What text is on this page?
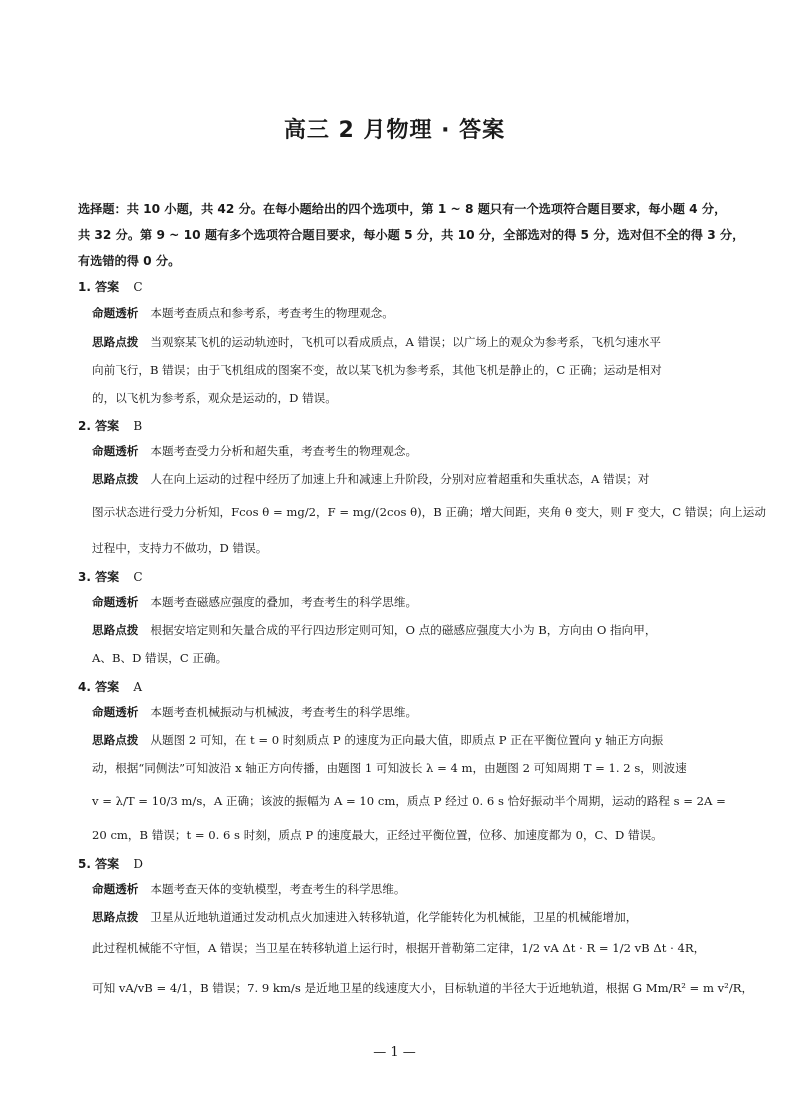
高三 2 月物理 · 答案

选择题：共 10 小题，共 42 分。在每小题给出的四个选项中，第 1 ~ 8 题只有一个选项符合题目要求，每小题 4 分，

共 32 分。第 9 ~ 10 题有多个选项符合题目要求，每小题 5 分，共 10 分，全部选对的得 5 分，选对但不全的得 3 分，

有选错的得 0 分。

1. 答案 C
命题透析 本题考查质点和参考系，考查考生的物理观念。
思路点拨 当观察某飞机的运动轨迹时，飞机可以看成质点，A 错误；以广场上的观众为参考系，飞机匀速水平
向前飞行，B 错误；由于飞机组成的图案不变，故以某飞机为参考系，其他飞机是静止的，C 正确；运动是相对
的，以飞机为参考系，观众是运动的，D 错误。
2. 答案 B
命题透析 本题考查受力分析和超失重，考查考生的物理观念。
思路点拨 人在向上运动的过程中经历了加速上升和减速上升阶段，分别对应着超重和失重状态，A 错误；对
图示状态进行受力分析知，Fcos θ = mg/2，F = mg/(2cos θ)，B 正确；增大间距，夹角 θ 变大，则 F 变大，C 错误；向上运动
过程中，支持力不做功，D 错误。
3. 答案 C
命题透析 本题考查磁感应强度的叠加，考查考生的科学思维。
思路点拨 根据安培定则和矢量合成的平行四边形定则可知，O 点的磁感应强度大小为 B，方向由 O 指向甲，
A、B、D 错误，C 正确。
4. 答案 A
命题透析 本题考查机械振动与机械波，考查考生的科学思维。
思路点拨 从题图 2 可知，在 t = 0 时刻质点 P 的速度为正向最大值，即质点 P 正在平衡位置向 y 轴正方向振
动，根据“同侧法”可知波沿 x 轴正方向传播，由题图 1 可知波长 λ = 4 m，由题图 2 可知周期 T = 1. 2 s，则波速
v = λ/T = 10/3 m/s，A 正确；该波的振幅为 A = 10 cm，质点 P 经过 0. 6 s 恰好振动半个周期，运动的路程 s = 2A =
20 cm，B 错误；t = 0. 6 s 时刻，质点 P 的速度最大，正经过平衡位置，位移、加速度都为 0，C、D 错误。
5. 答案 D
命题透析 本题考查天体的变轨模型，考查考生的科学思维。
思路点拨 卫星从近地轨道通过发动机点火加速进入转移轨道，化学能转化为机械能，卫星的机械能增加，
此过程机械能不守恒，A 错误；当卫星在转移轨道上运行时，根据开普勒第二定律，1/2 vA Δt · R = 1/2 vB Δt · 4R，
可知 vA/vB = 4/1，B 错误；7. 9 km/s 是近地卫星的线速度大小，目标轨道的半径大于近地轨道，根据 G Mm/R² = m v²/R，
— 1 —
